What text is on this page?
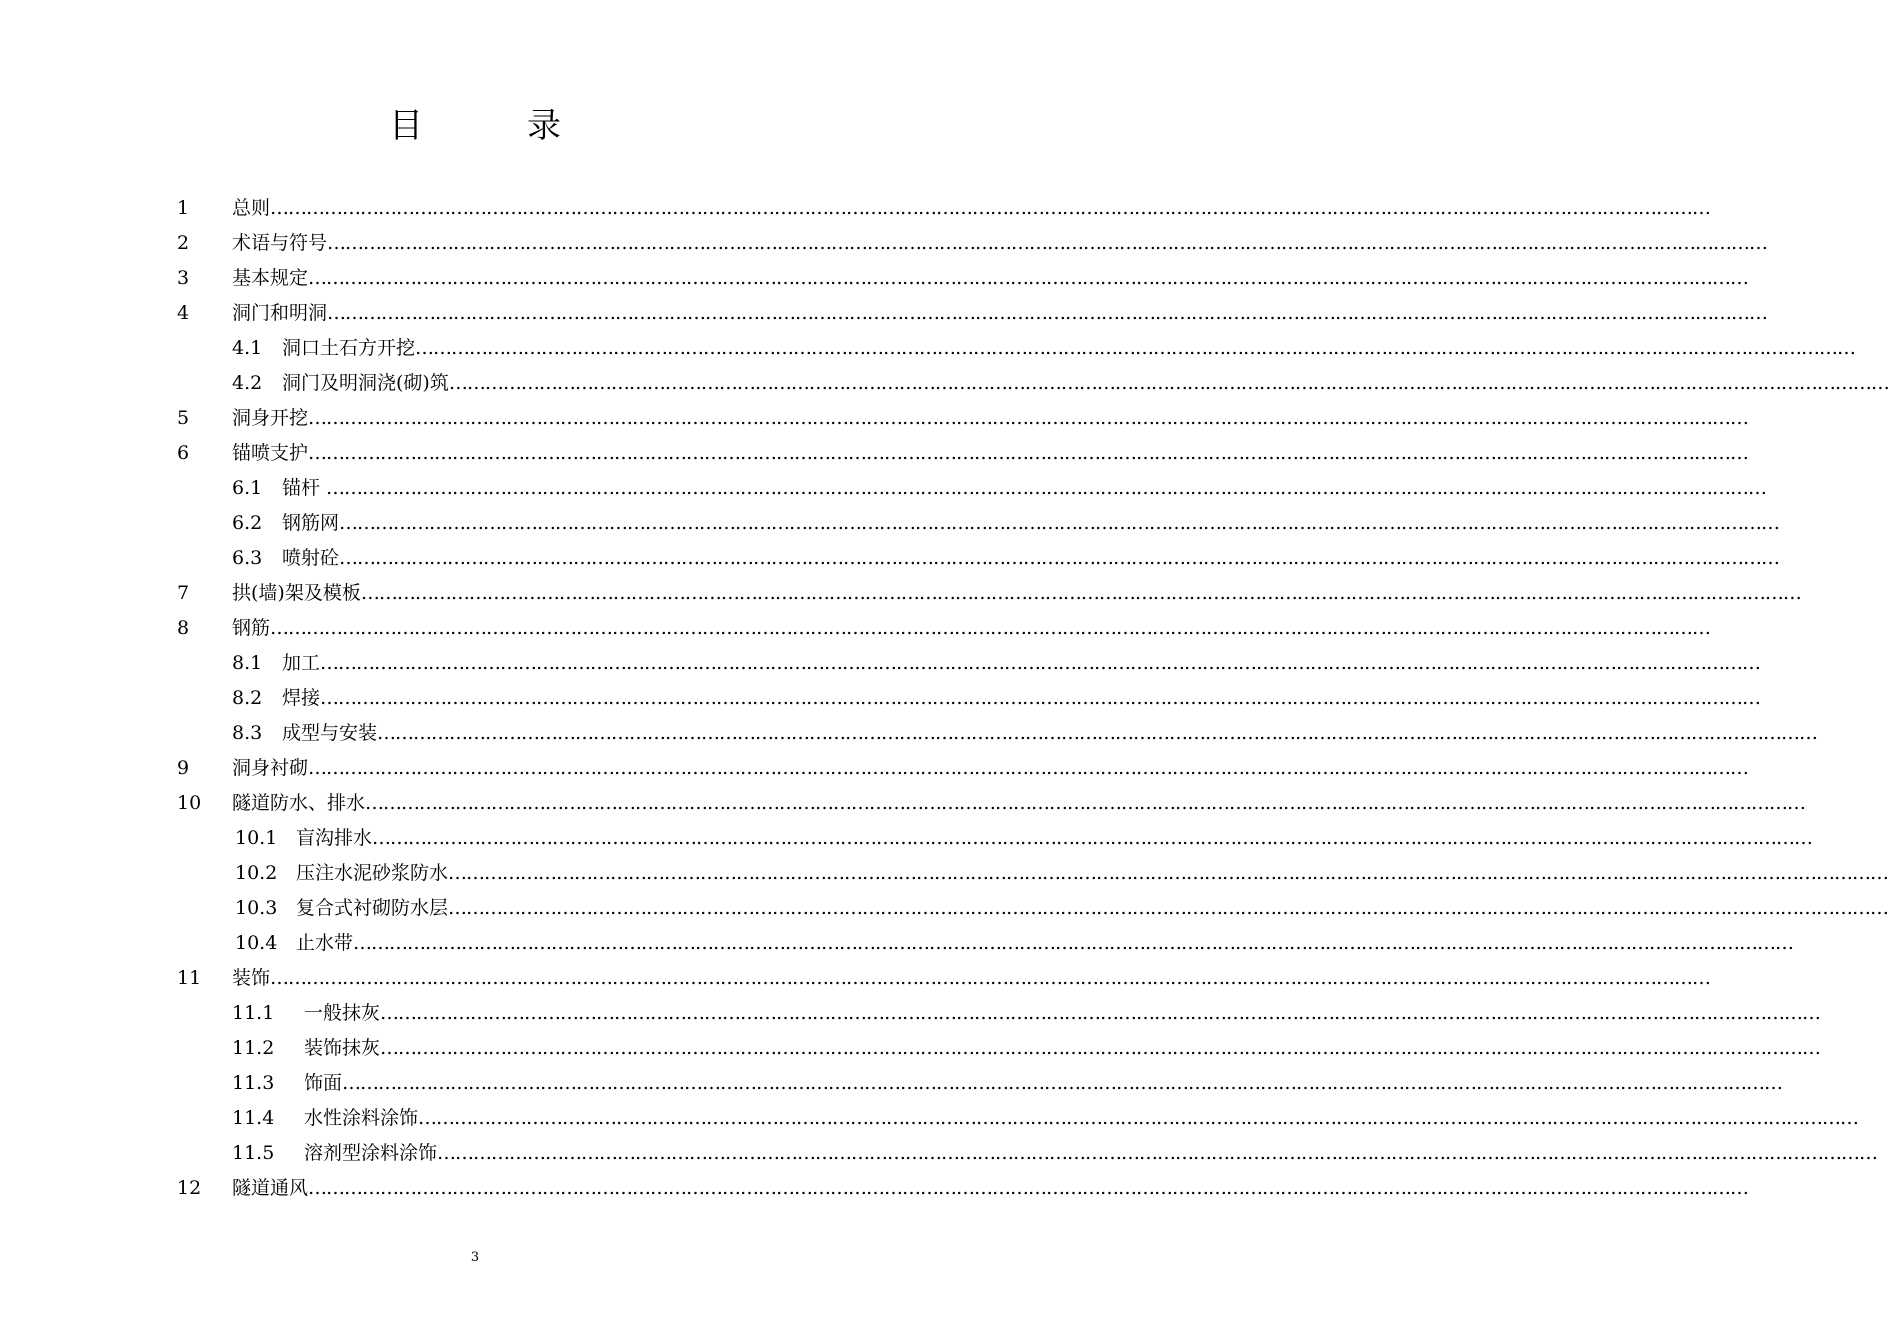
目	录
1 总则……………………………………………………………………………………………………………………………………………………………………………………………………………………
2 术语与符号……………………………………………………………………………………………………………………………………………………………………………………………………………………
3 基本规定……………………………………………………………………………………………………………………………………………………………………………………………………………………
4 洞门和明洞……………………………………………………………………………………………………………………………………………………………………………………………………………………
4.1 洞口土石方开挖……………………………………………………………………………………………………………………………………………………………………………………………………………………
4.2 洞门及明洞浇(砌)筑……………………………………………………………………………………………………………………………………………………………………………………………………………………
5 洞身开挖……………………………………………………………………………………………………………………………………………………………………………………………………………………
6 锚喷支护……………………………………………………………………………………………………………………………………………………………………………………………………………………
6.1 锚杆 ……………………………………………………………………………………………………………………………………………………………………………………………………………………
6.2 钢筋网……………………………………………………………………………………………………………………………………………………………………………………………………………………
6.3 喷射砼……………………………………………………………………………………………………………………………………………………………………………………………………………………
7 拱(墙)架及模板……………………………………………………………………………………………………………………………………………………………………………………………………………………
8 钢筋……………………………………………………………………………………………………………………………………………………………………………………………………………………
8.1 加工……………………………………………………………………………………………………………………………………………………………………………………………………………………
8.2 焊接……………………………………………………………………………………………………………………………………………………………………………………………………………………
8.3 成型与安装……………………………………………………………………………………………………………………………………………………………………………………………………………………
9 洞身衬砌……………………………………………………………………………………………………………………………………………………………………………………………………………………
10 隧道防水、排水……………………………………………………………………………………………………………………………………………………………………………………………………………………
10.1 盲沟排水……………………………………………………………………………………………………………………………………………………………………………………………………………………
10.2 压注水泥砂浆防水……………………………………………………………………………………………………………………………………………………………………………………………………………………
10.3 复合式衬砌防水层……………………………………………………………………………………………………………………………………………………………………………………………………………………
10.4 止水带……………………………………………………………………………………………………………………………………………………………………………………………………………………
11 装饰……………………………………………………………………………………………………………………………………………………………………………………………………………………
11.1 一般抹灰……………………………………………………………………………………………………………………………………………………………………………………………………………………
11.2 装饰抹灰……………………………………………………………………………………………………………………………………………………………………………………………………………………
11.3 饰面……………………………………………………………………………………………………………………………………………………………………………………………………………………
11.4 水性涂料涂饰……………………………………………………………………………………………………………………………………………………………………………………………………………………
11.5 溶剂型涂料涂饰……………………………………………………………………………………………………………………………………………………………………………………………………………………
12 隧道通风……………………………………………………………………………………………………………………………………………………………………………………………………………………
3
